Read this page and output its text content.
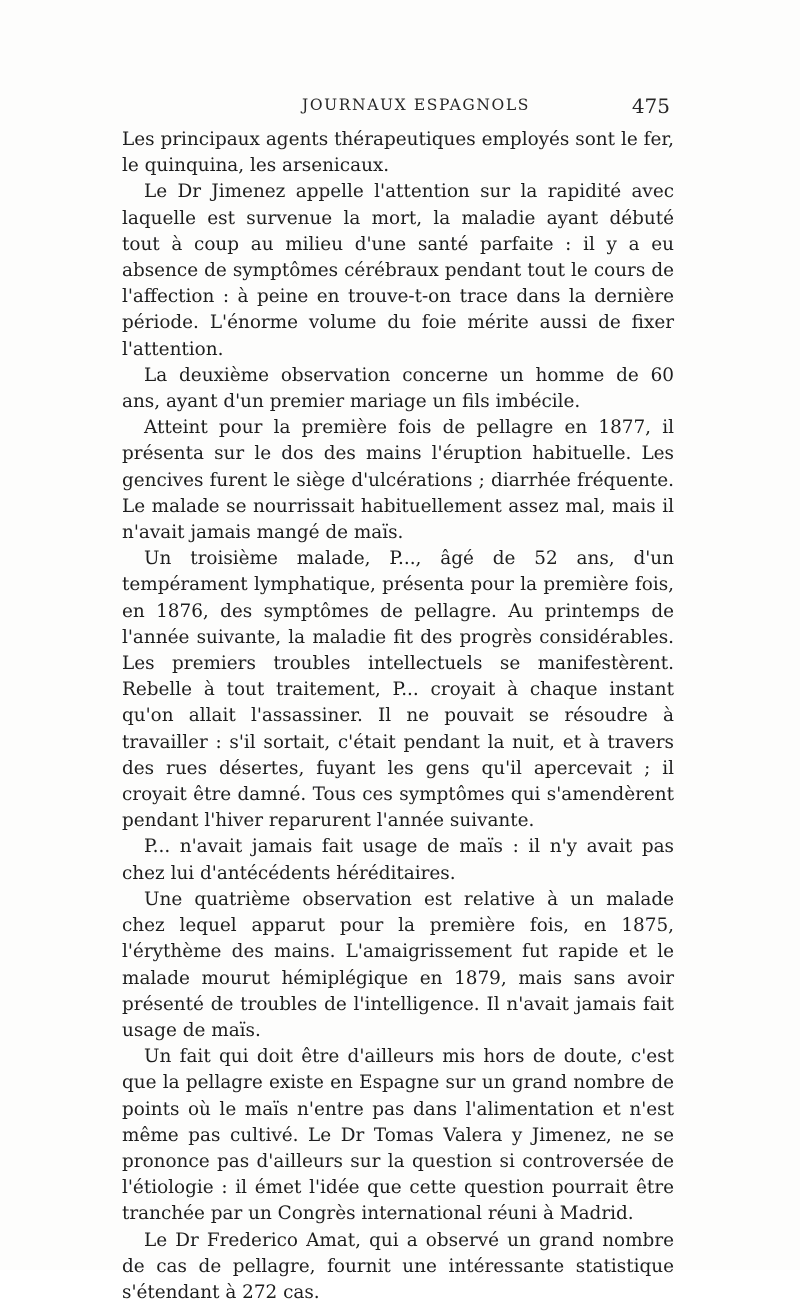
JOURNAUX ESPAGNOLS	475

Les principaux agents thérapeutiques employés sont le fer, le quinquina, les arsenicaux.

Le Dr Jimenez appelle l'attention sur la rapidité avec laquelle est survenue la mort, la maladie ayant débuté tout à coup au milieu d'une santé parfaite : il y a eu absence de symptômes cérébraux pendant tout le cours de l'affection : à peine en trouve-t-on trace dans la dernière période. L'énorme volume du foie mérite aussi de fixer l'attention.

La deuxième observation concerne un homme de 60 ans, ayant d'un premier mariage un fils imbécile.

Atteint pour la première fois de pellagre en 1877, il présenta sur le dos des mains l'éruption habituelle. Les gencives furent le siège d'ulcérations ; diarrhée fréquente. Le malade se nourrissait habituellement assez mal, mais il n'avait jamais mangé de maïs.

Un troisième malade, P..., âgé de 52 ans, d'un tempérament lymphatique, présenta pour la première fois, en 1876, des symptômes de pellagre. Au printemps de l'année suivante, la maladie fit des progrès considérables. Les premiers troubles intellectuels se manifestèrent. Rebelle à tout traitement, P... croyait à chaque instant qu'on allait l'assassiner. Il ne pouvait se résoudre à travailler : s'il sortait, c'était pendant la nuit, et à travers des rues désertes, fuyant les gens qu'il apercevait ; il croyait être damné. Tous ces symptômes qui s'amendèrent pendant l'hiver reparurent l'année suivante.

P... n'avait jamais fait usage de maïs : il n'y avait pas chez lui d'antécédents héréditaires.

Une quatrième observation est relative à un malade chez lequel apparut pour la première fois, en 1875, l'érythème des mains. L'amaigrissement fut rapide et le malade mourut hémiplégique en 1879, mais sans avoir présenté de troubles de l'intelligence. Il n'avait jamais fait usage de maïs.

Un fait qui doit être d'ailleurs mis hors de doute, c'est que la pellagre existe en Espagne sur un grand nombre de points où le maïs n'entre pas dans l'alimentation et n'est même pas cultivé. Le Dr Tomas Valera y Jimenez, ne se prononce pas d'ailleurs sur la question si controversée de l'étiologie : il émet l'idée que cette question pourrait être tranchée par un Congrès international réuni à Madrid.

Le Dr Frederico Amat, qui a observé un grand nombre de cas de pellagre, fournit une intéressante statistique s'étendant à 272 cas.
